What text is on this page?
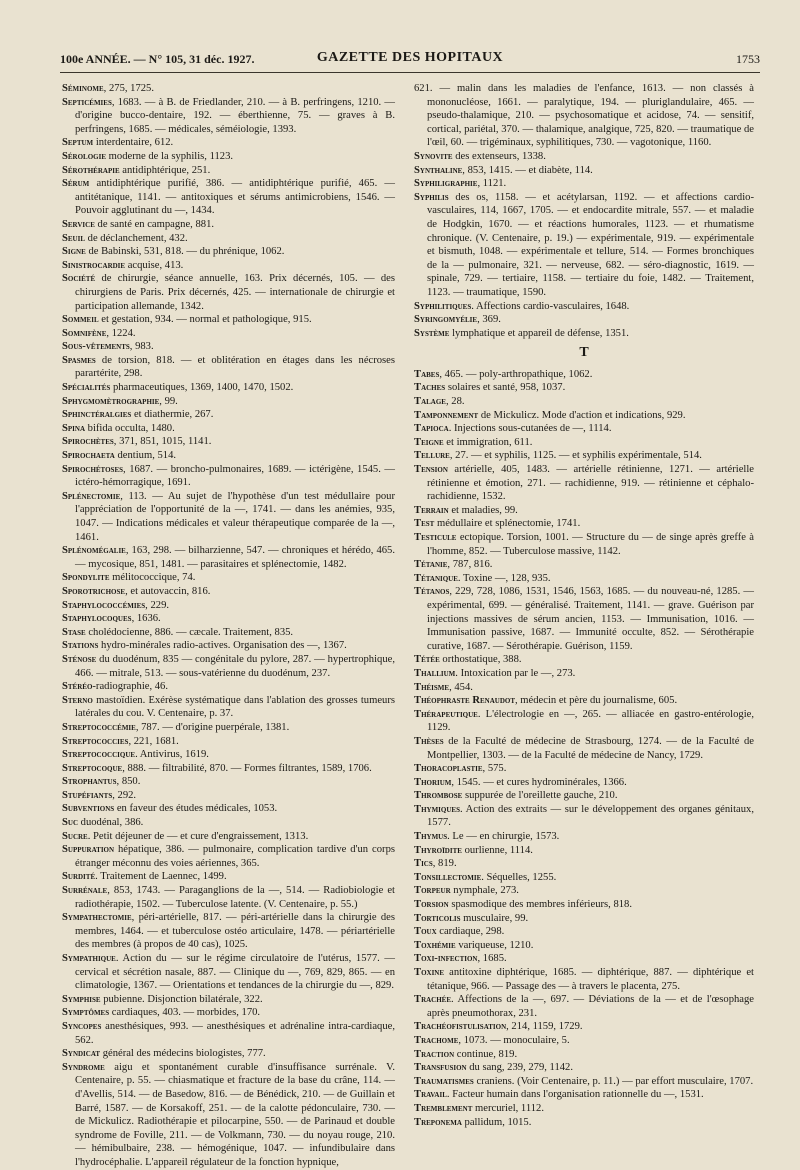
100e ANNÉE. — N° 105, 31 déc. 1927.	GAZETTE DES HOPITAUX	1753
Séminome, 275, 1725.
Septicémies, 1683. — à B. de Friedlander, 210. — à B. perfringens, 1210. — d'origine bucco-dentaire, 192. — éberthienne, 75. — graves à B. perfringens, 1685. — médicales, séméiologie, 1393.
Septum interdentaire, 612.
Sérologie moderne de la syphilis, 1123.
Sérothérapie antidiphtérique, 251.
Sérum antidiphtérique purifié, 386. — antidiphtérique purifié, 465. — antitétanique, 1141. — antitoxiques et sérums antimicrobiens, 1546. — Pouvoir agglutinant du —, 1434.
Service de santé en campagne, 881.
Seuil de déclanchement, 432.
Signe de Babinski, 531, 818. — du phrénique, 1062.
Sinistrocardie acquise, 413.
Société de chirurgie, séance annuelle, 163. Prix décernés, 105. — des chirurgiens de Paris. Prix décernés, 425. — internationale de chirurgie et participation allemande, 1342.
Sommeil et gestation, 934. — normal et pathologique, 915.
Somnifène, 1224.
Sous-vêtements, 983.
Spasmes de torsion, 818. — et oblitération en étages dans les nécroses parartérite, 298.
Spécialités pharmaceutiques, 1369, 1400, 1470, 1502.
Sphygmomètrographie, 99.
Sphinctéralgies et diathermie, 267.
Spina bifida occulta, 1480.
Spirochètes, 371, 851, 1015, 1141.
Spirochaeta dentium, 514.
Spirochétoses, 1687. — broncho-pulmonaires, 1689. — ictérigène, 1545. — ictéro-hémorragique, 1691.
Splénectomie, 113. — Au sujet de l'hypothèse d'un test médullaire pour l'appréciation de l'opportunité de la —, 1741. — dans les anémies, 935, 1047. — Indications médicales et valeur thérapeutique comparée de la —, 1461.
Splénomégalie, 163, 298. — bilharzienne, 547. — chroniques et hérédo, 465. — mycosique, 851, 1481. — parasitaires et splénectomie, 1482.
Spondylite mélitococcique, 74.
Sporotrichose, et autovaccin, 816.
Staphylococcémies, 229.
Staphylocoques, 1636.
Stase cholédocienne, 886. — cæcale. Traitement, 835.
Stations hydro-minérales radio-actives. Organisation des —, 1367.
Sténose du duodénum, 835 — congénitale du pylore, 287. — hypertrophique, 466. — mitrale, 513. — sous-vatérienne du duodénum, 237.
Stéréo-radiographie, 46.
Sterno mastoïdien. Exérèse systématique dans l'ablation des grosses tumeurs latérales du cou. V. Centenaire, p. 37.
Streptococcémie, 787. — d'origine puerpérale, 1381.
Streptococcies, 221, 1681.
Streptococcique. Antivirus, 1619.
Streptocoque, 888. — filtrabilité, 870. — Formes filtrantes, 1589, 1706.
Strophantus, 850.
Stupéfiants, 292.
Subventions en faveur des études médicales, 1053.
Suc duodénal, 386.
Sucre. Petit déjeuner de — et cure d'engraissement, 1313.
Suppuration hépatique, 386. — pulmonaire, complication tardive d'un corps étranger méconnu des voies aériennes, 365.
Surdité. Traitement de Laennec, 1499.
Surrénale, 853, 1743. — Paraganglions de la —, 514. — Radiobiologie et radiothérapie, 1502. — Tuberculose latente. (V. Centenaire, p. 55.)
Sympathectomie, péri-artérielle, 817. — péri-artérielle dans la chirurgie des membres, 1464. — et tuberculose ostéo articulaire, 1478. — périartérielle des membres (à propos de 40 cas), 1025.
Sympathique. Action du — sur le régime circulatoire de l'utérus, 1577. — cervical et sécrétion nasale, 887. — Clinique du —, 769, 829, 865. — en climatologie, 1367. — Orientations et tendances de la chirurgie du —, 829.
Symphise pubienne. Disjonction bilatérale, 322.
Symptômes cardiaques, 403. — morbides, 170.
Syncopes anesthésiques, 993. — anesthésiques et adrénaline intra-cardiaque, 562.
Syndicat général des médecins biologistes, 777.
Syndrome aigu et spontanément curable d'insuffisance surrénale. V. Centenaire, p. 55. — chiasmatique et fracture de la base du crâne, 114. — d'Avellis, 514. — de Basedow, 816. — de Bénédick, 210. — de Guillain et Barré, 1587. — de Korsakoff, 251. — de la calotte pédonculaire, 730. — de Mickulicz. Radiothérapie et pilocarpine, 550. — de Parinaud et double syndrome de Foville, 211. — de Volkmann, 730. — du noyau rouge, 210. — hémibulbaire, 238. — hémogénique, 1047. — infundibulaire dans l'hydrocéphalie. L'appareil régulateur de la fonction hypnique,
621. — malin dans les maladies de l'enfance, 1613. — non classés à mononucléose, 1661. — paralytique, 194. — pluriglandulaire, 465. — pseudo-thalamique, 210. — psychosomatique et acidose, 74. — sensitif, cortical, pariétal, 370. — thalamique, analgique, 725, 820. — traumatique de l'œil, 60. — trigéminaux, syphilitiques, 730. — vagotonique, 1160.
Synovite des extenseurs, 1338.
Synthaline, 853, 1415. — et diabète, 114.
Syphiligraphie, 1121.
Syphilis des os, 1158. — et acétylarsan, 1192. — et affections cardio-vasculaires, 114, 1667, 1705. — et endocardite mitrale, 557. — et maladie de Hodgkin, 1670. — et réactions humorales, 1123. — et rhumatisme chronique. (V. Centenaire, p. 19.) — expérimentale, 919. — expérimentale et bismuth, 1048. — expérimentale et tellure, 514. — Formes bronchiques de la — pulmonaire, 321. — nerveuse, 682. — séro-diagnostic, 1619. — spinale, 729. — tertiaire, 1158. — tertiaire du foie, 1482. — Traitement, 1123. — traumatique, 1590.
Syphilitiques. Affections cardio-vasculaires, 1648.
Syringomyélie, 369.
Système lymphatique et appareil de défense, 1351.
T
Tabes, 465. — poly-arthropathique, 1062.
Taches solaires et santé, 958, 1037.
Talage, 28.
Tamponnement de Mickulicz. Mode d'action et indications, 929.
Tapioca. Injections sous-cutanées de —, 1114.
Teigne et immigration, 611.
Tellure, 27. — et syphilis, 1125. — et syphilis expérimentale, 514.
Tension artérielle, 405, 1483. — artérielle rétinienne, 1271. — artérielle rétinienne et émotion, 271. — rachidienne, 919. — rétinienne et céphalo-rachidienne, 1532.
Terrain et maladies, 99.
Test médullaire et splénectomie, 1741.
Testicule ectopique. Torsion, 1001. — Structure du — de singe après greffe à l'homme, 852. — Tuberculose massive, 1142.
Tétanie, 787, 816.
Tétanique. Toxine —, 128, 935.
Tétanos, 229, 728, 1086, 1531, 1546, 1563, 1685. — du nouveau-né, 1285. — expérimental, 699. — généralisé. Traitement, 1141. — grave. Guérison par injections massives de sérum ancien, 1153. — Immunisation, 1016. — Immunisation passive, 1687. — Immunité occulte, 852. — Sérothérapie curative, 1687. — Sérothérapie. Guérison, 1159.
Tétée orthostatique, 388.
Thallium. Intoxication par le —, 273.
Théisme, 454.
Théophraste Renaudot, médecin et père du journalisme, 605.
Thérapeutique. L'électrologie en —, 265. — alliacée en gastro-entérologie, 1129.
Thèses de la Faculté de médecine de Strasbourg, 1274. — de la Faculté de Montpellier, 1303. — de la Faculté de médecine de Nancy, 1729.
Thoracoplastie, 575.
Thorium, 1545. — et cures hydrominérales, 1366.
Thrombose suppurée de l'oreillette gauche, 210.
Thymiques. Action des extraits — sur le développement des organes génitaux, 1577.
Thymus. Le — en chirurgie, 1573.
Thyroïdite ourlienne, 1114.
Tics, 819.
Tonsillectomie. Séquelles, 1255.
Torpeur nymphale, 273.
Torsion spasmodique des membres inférieurs, 818.
Torticolis musculaire, 99.
Toux cardiaque, 298.
Toxhémie variqueuse, 1210.
Toxi-infection, 1685.
Toxine antitoxine diphtérique, 1685. — diphtérique, 887. — diphtérique et tétanique, 966. — Passage des — à travers le placenta, 275.
Trachée. Affections de la —, 697. — Déviations de la — et de l'œsophage après pneumothorax, 231.
Trachéofistulisation, 214, 1159, 1729.
Trachome, 1073. — monoculaire, 5.
Traction continue, 819.
Transfusion du sang, 239, 279, 1142.
Traumatismes craniens. (Voir Centenaire, p. 11.) — par effort musculaire, 1707.
Travail. Facteur humain dans l'organisation rationnelle du —, 1531.
Tremblement mercuriel, 1112.
Treponema pallidum, 1015.
